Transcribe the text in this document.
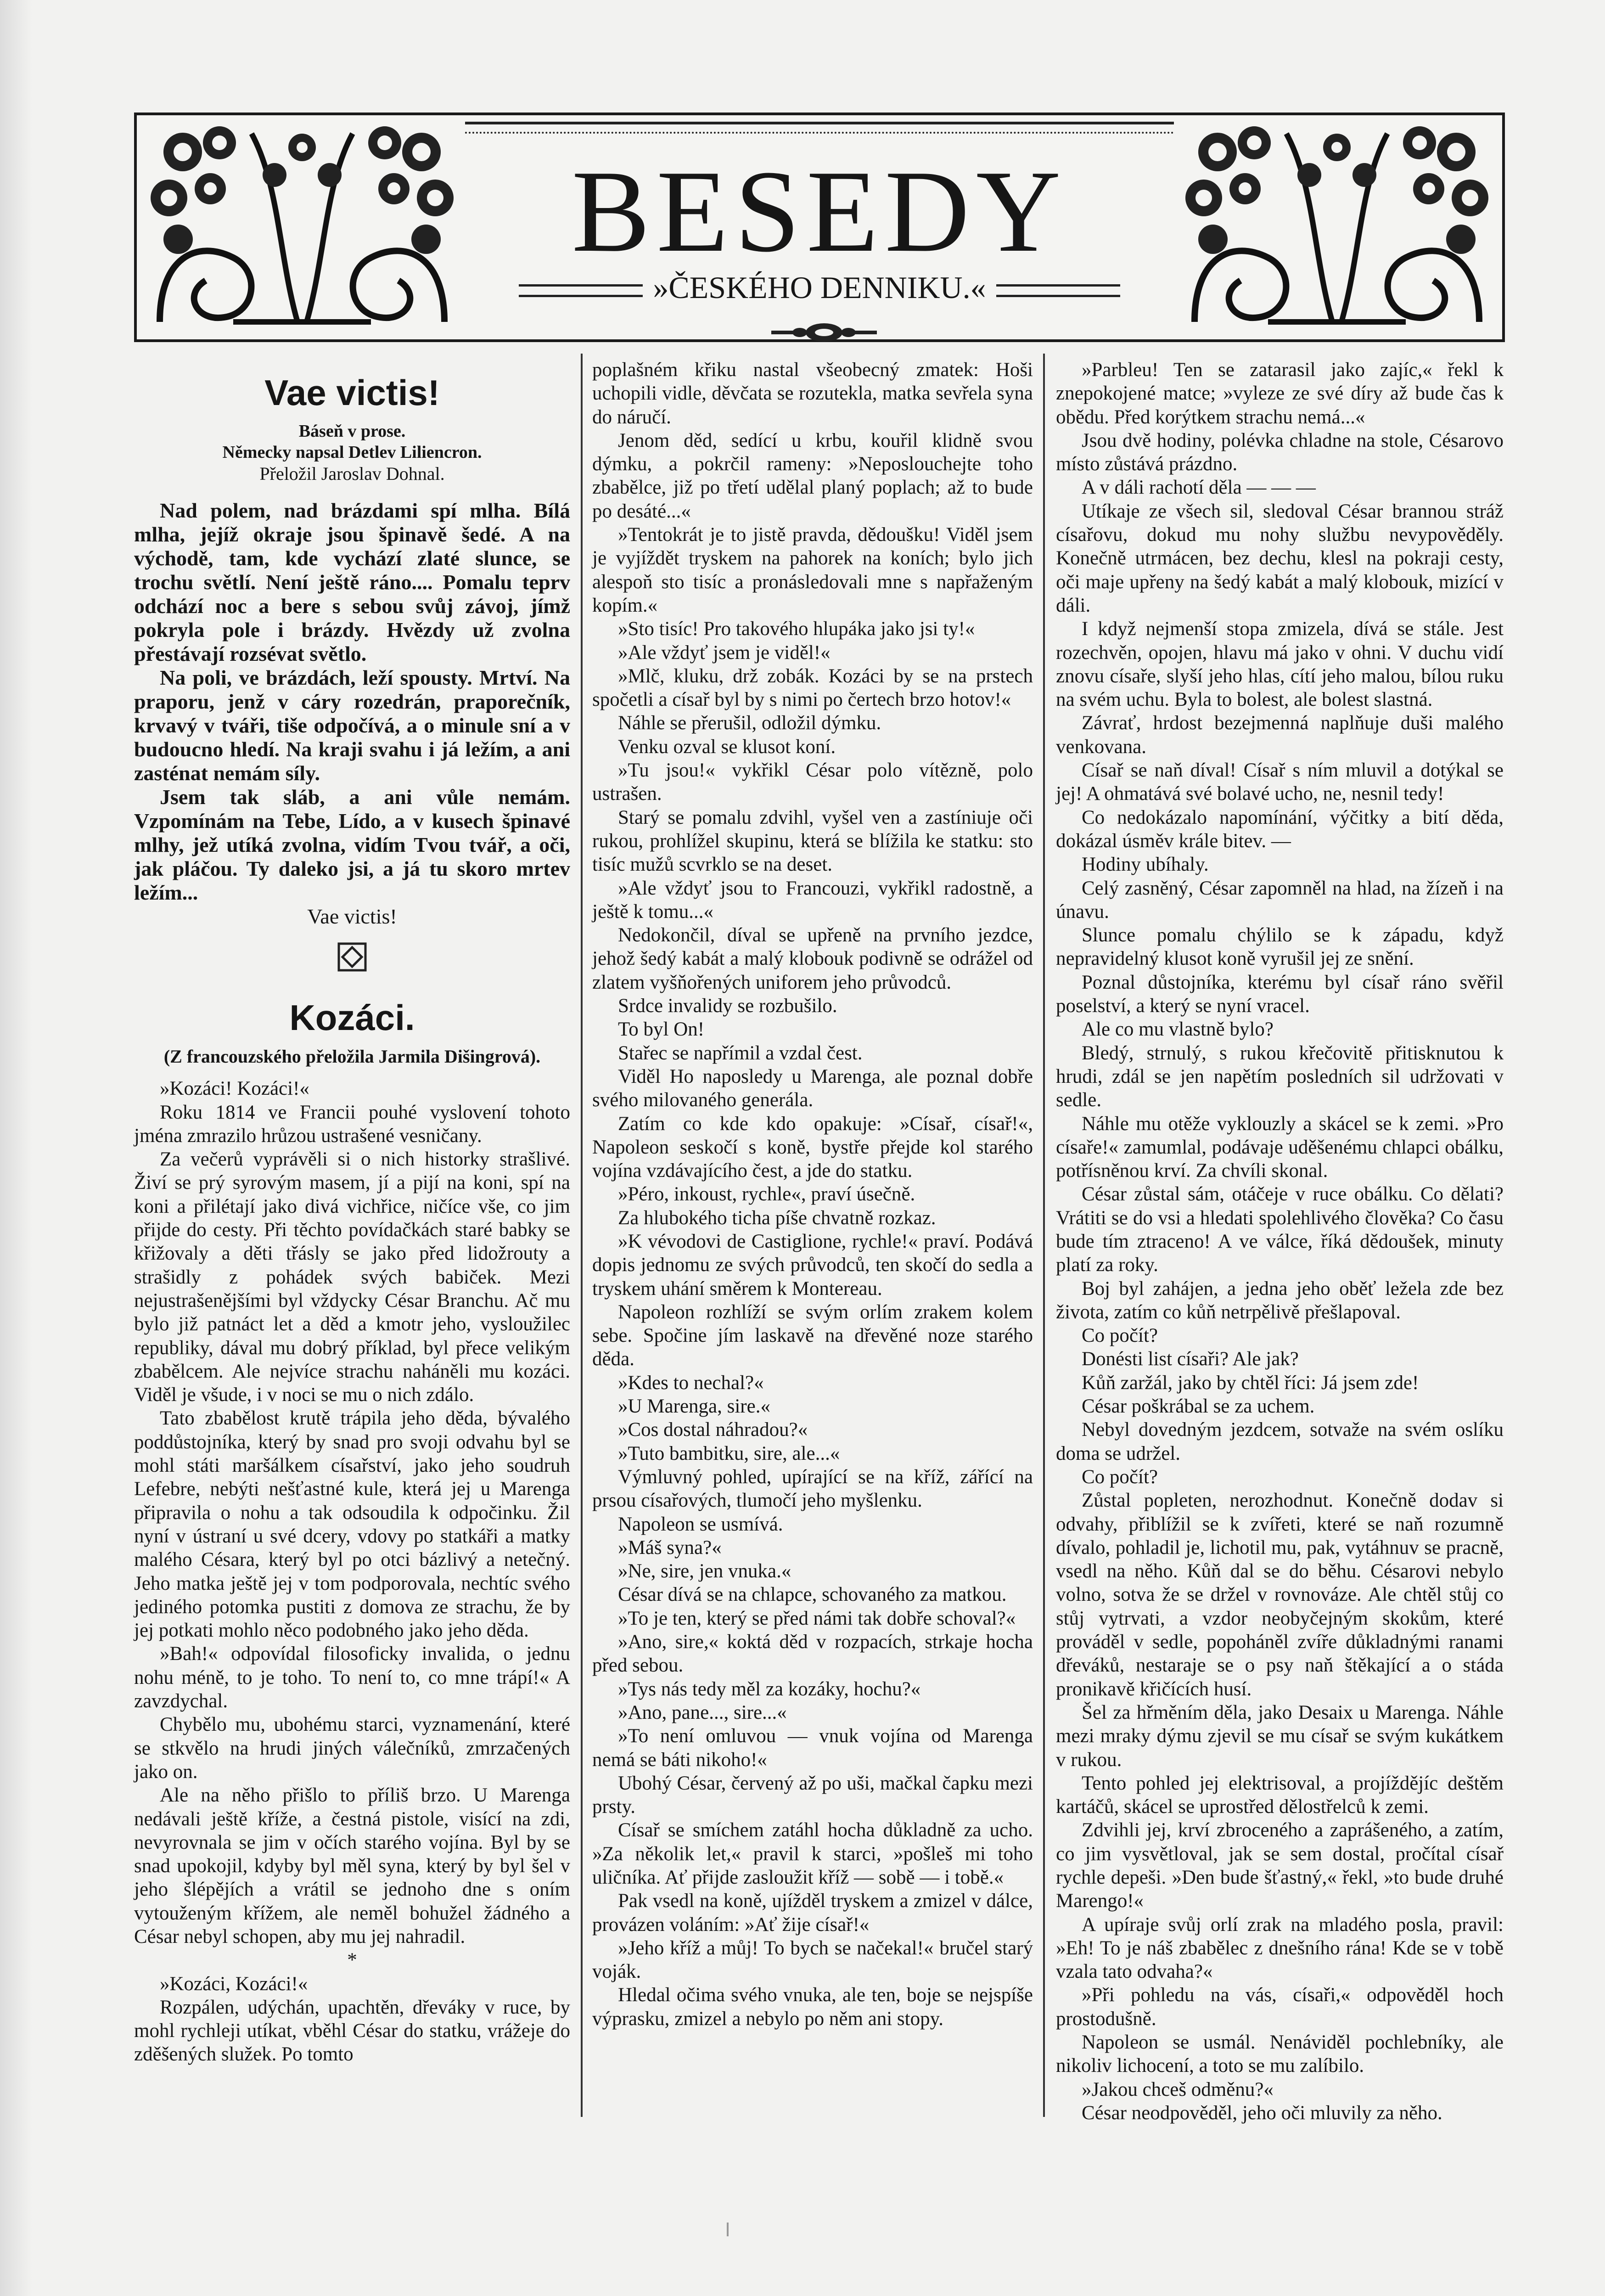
BESEDY
»ČESKÉHO DENNIKU.«

Vae victis!

Báseň v prose.

Německy napsal Detlev Liliencron.

Přeložil Jaroslav Dohnal.

Nad polem, nad brázdami spí mlha. Bílá mlha, jejíž okraje jsou špinavě šedé. A na východě, tam, kde vychází zlaté slunce, se trochu světlí. Není ještě ráno.... Pomalu teprv odchází noc a bere s sebou svůj závoj, jímž pokryla pole i brázdy. Hvězdy už zvolna přestávají rozsévat světlo.

Na poli, ve brázdách, leží spousty. Mrtví. Na praporu, jenž v cáry rozedrán, praporečník, krvavý v tváři, tiše odpočívá, a o minule sní a v budoucno hledí. Na kraji svahu i já ležím, a ani zasténat nemám síly.

Jsem tak sláb, a ani vůle nemám. Vzpomínám na Tebe, Lído, a v kusech špinavé mlhy, jež utíká zvolna, vidím Tvou tvář, a oči, jak pláčou. Ty daleko jsi, a já tu skoro mrtev ležím...

Vae victis!

Kozáci.

(Z francouzského přeložila Jarmila Dišingrová).

»Kozáci! Kozáci!«

Roku 1814 ve Francii pouhé vyslovení tohoto jména zmrazilo hrůzou ustrašené vesničany.

Za večerů vyprávěli si o nich historky strašlivé. Živí se prý syrovým masem, jí a pijí na koni, spí na koni a přilétají jako divá vichřice, ničíce vše, co jim přijde do cesty. Při těchto povídačkách staré babky se křižovaly a děti třásly se jako před lidožrouty a strašidly z pohádek svých babiček. Mezi nejustrašenějšími byl vždycky César Branchu. Ač mu bylo již patnáct let a děd a kmotr jeho, vysloužilec republiky, dával mu dobrý příklad, byl přece velikým zbabělcem. Ale nejvíce strachu naháněli mu kozáci. Viděl je všude, i v noci se mu o nich zdálo.

Tato zbabělost krutě trápila jeho děda, bývalého poddůstojníka, který by snad pro svoji odvahu byl se mohl státi maršálkem císařství, jako jeho soudruh Lefebre, nebýti nešťastné kule, která jej u Marenga připravila o nohu a tak odsoudila k odpočinku. Žil nyní v ústraní u své dcery, vdovy po statkáři a matky malého Césara, který byl po otci bázlivý a netečný. Jeho matka ještě jej v tom podporovala, nechtíc svého jediného potomka pustiti z domova ze strachu, že by jej potkati mohlo něco podobného jako jeho děda.

»Bah!« odpovídal filosoficky invalida, o jednu nohu méně, to je toho. To není to, co mne trápí!« A zavzdychal.

Chybělo mu, ubohému starci, vyznamenání, které se stkvělo na hrudi jiných válečníků, zmrzačených jako on.

Ale na něho přišlo to příliš brzo. U Marenga nedávali ještě kříže, a čestná pistole, visící na zdi, nevyrovnala se jim v očích starého vojína. Byl by se snad upokojil, kdyby byl měl syna, který by byl šel v jeho šlépějích a vrátil se jednoho dne s oním vytouženým křížem, ale neměl bohužel žádného a César nebyl schopen, aby mu jej nahradil.

*

»Kozáci, Kozáci!«

Rozpálen, udýchán, upachtěn, dřeváky v ruce, by mohl rychleji utíkat, vběhl César do statku, vrážeje do zděšených služek. Po tomto

poplašném křiku nastal všeobecný zmatek: Hoši uchopili vidle, děvčata se rozutekla, matka sevřela syna do náručí.

Jenom děd, sedící u krbu, kouřil klidně svou dýmku, a pokrčil rameny: »Neposlouchejte toho zbabělce, již po třetí udělal planý poplach; až to bude po desáté...«

»Tentokrát je to jistě pravda, dědoušku! Viděl jsem je vyjíždět tryskem na pahorek na koních; bylo jich alespoň sto tisíc a pronásledovali mne s napřaženým kopím.«

»Sto tisíc! Pro takového hlupáka jako jsi ty!«

»Ale vždyť jsem je viděl!«

»Mlč, kluku, drž zobák. Kozáci by se na prstech spočetli a císař byl by s nimi po čertech brzo hotov!«

Náhle se přerušil, odložil dýmku.

Venku ozval se klusot koní.

»Tu jsou!« vykřikl César polo vítězně, polo ustrašen.

Starý se pomalu zdvihl, vyšel ven a zastíniuje oči rukou, prohlížel skupinu, která se blížila ke statku: sto tisíc mužů scvrklo se na deset.

»Ale vždyť jsou to Francouzi, vykřikl radostně, a ještě k tomu...«

Nedokončil, díval se upřeně na prvního jezdce, jehož šedý kabát a malý klobouk podivně se odrážel od zlatem vyšňořených uniforem jeho průvodců.

Srdce invalidy se rozbušilo.

To byl On!

Stařec se napřímil a vzdal čest.

Viděl Ho naposledy u Marenga, ale poznal dobře svého milovaného generála.

Zatím co kde kdo opakuje: »Císař, císař!«, Napoleon seskočí s koně, bystře přejde kol starého vojína vzdávajícího čest, a jde do statku.

»Péro, inkoust, rychle«, praví úsečně.

Za hlubokého ticha píše chvatně rozkaz.

»K vévodovi de Castiglione, rychle!« praví. Podává dopis jednomu ze svých průvodců, ten skočí do sedla a tryskem uhání směrem k Montereau.

Napoleon rozhlíží se svým orlím zrakem kolem sebe. Spočine jím laskavě na dřevěné noze starého děda.

»Kdes to nechal?«

»U Marenga, sire.«

»Cos dostal náhradou?«

»Tuto bambitku, sire, ale...«

Výmluvný pohled, upírající se na kříž, zářící na prsou císařových, tlumočí jeho myšlenku.

Napoleon se usmívá.

»Máš syna?«

»Ne, sire, jen vnuka.«

César dívá se na chlapce, schovaného za matkou.

»To je ten, který se před námi tak dobře schoval?«

»Ano, sire,« koktá děd v rozpacích, strkaje hocha před sebou.

»Tys nás tedy měl za kozáky, hochu?«

»Ano, pane..., sire...«

»To není omluvou — vnuk vojína od Marenga nemá se báti nikoho!«

Ubohý César, červený až po uši, mačkal čapku mezi prsty.

Císař se smíchem zatáhl hocha důkladně za ucho. »Za několik let,« pravil k starci, »pošleš mi toho uličníka. Ať přijde zasloužit kříž — sobě — i tobě.«

Pak vsedl na koně, ujížděl tryskem a zmizel v dálce, provázen voláním: »Ať žije císař!«

»Jeho kříž a můj! To bych se načekal!« bručel starý voják.

Hledal očima svého vnuka, ale ten, boje se nejspíše výprasku, zmizel a nebylo po něm ani stopy.

»Parbleu! Ten se zatarasil jako zajíc,« řekl k znepokojené matce; »vyleze ze své díry až bude čas k obědu. Před korýtkem strachu nemá...«

Jsou dvě hodiny, polévka chladne na stole, Césarovo místo zůstává prázdno.

A v dáli rachotí děla — — —

Utíkaje ze všech sil, sledoval César brannou stráž císařovu, dokud mu nohy službu nevypověděly. Konečně utrmácen, bez dechu, klesl na pokraji cesty, oči maje upřeny na šedý kabát a malý klobouk, mizící v dáli.

I když nejmenší stopa zmizela, dívá se stále. Jest rozechvěn, opojen, hlavu má jako v ohni. V duchu vidí znovu císaře, slyší jeho hlas, cítí jeho malou, bílou ruku na svém uchu. Byla to bolest, ale bolest slastná.

Závrať, hrdost bezejmenná naplňuje duši malého venkovana.

Císař se naň díval! Císař s ním mluvil a dotýkal se jej! A ohmatává své bolavé ucho, ne, nesnil tedy!

Co nedokázalo napomínání, výčitky a bití děda, dokázal úsměv krále bitev. —

Hodiny ubíhaly.

Celý zasněný, César zapomněl na hlad, na žízeň i na únavu.

Slunce pomalu chýlilo se k západu, když nepravidelný klusot koně vyrušil jej ze snění.

Poznal důstojníka, kterému byl císař ráno svěřil poselství, a který se nyní vracel.

Ale co mu vlastně bylo?

Bledý, strnulý, s rukou křečovitě přitisknutou k hrudi, zdál se jen napětím posledních sil udržovati v sedle.

Náhle mu otěže vyklouzly a skácel se k zemi. »Pro císaře!« zamumlal, podávaje uděšenému chlapci obálku, potřísněnou krví. Za chvíli skonal.

César zůstal sám, otáčeje v ruce obálku. Co dělati? Vrátiti se do vsi a hledati spolehlivého člověka? Co času bude tím ztraceno! A ve válce, říká dědoušek, minuty platí za roky.

Boj byl zahájen, a jedna jeho oběť ležela zde bez života, zatím co kůň netrpělivě přešlapoval.

Co počít?

Donésti list císaři? Ale jak?

Kůň zaržál, jako by chtěl říci: Já jsem zde!

César poškrábal se za uchem.

Nebyl dovedným jezdcem, sotvaže na svém oslíku doma se udržel.

Co počít?

Zůstal popleten, nerozhodnut. Konečně dodav si odvahy, přiblížil se k zvířeti, které se naň rozumně dívalo, pohladil je, lichotil mu, pak, vytáhnuv se pracně, vsedl na něho. Kůň dal se do běhu. Césarovi nebylo volno, sotva že se držel v rovnováze. Ale chtěl stůj co stůj vytrvati, a vzdor neobyčejným skokům, které prováděl v sedle, popoháněl zvíře důkladnými ranami dřeváků, nestaraje se o psy naň štěkající a o stáda pronikavě křičících husí.

Šel za hřměním děla, jako Desaix u Marenga. Náhle mezi mraky dýmu zjevil se mu císař se svým kukátkem v rukou.

Tento pohled jej elektrisoval, a projíždějíc deštěm kartáčů, skácel se uprostřed dělostřelců k zemi.

Zdvihli jej, krví zbroceného a zaprášeného, a zatím, co jim vysvětloval, jak se sem dostal, pročítal císař rychle depeši. »Den bude šťastný,« řekl, »to bude druhé Marengo!«

A upíraje svůj orlí zrak na mladého posla, pravil: »Eh! To je náš zbabělec z dnešního rána! Kde se v tobě vzala tato odvaha?«

»Při pohledu na vás, císaři,« odpověděl hoch prostodušně.

Napoleon se usmál. Nenáviděl pochlebníky, ale nikoliv lichocení, a toto se mu zalíbilo.

»Jakou chceš odměnu?«

César neodpověděl, jeho oči mluvily za něho.
